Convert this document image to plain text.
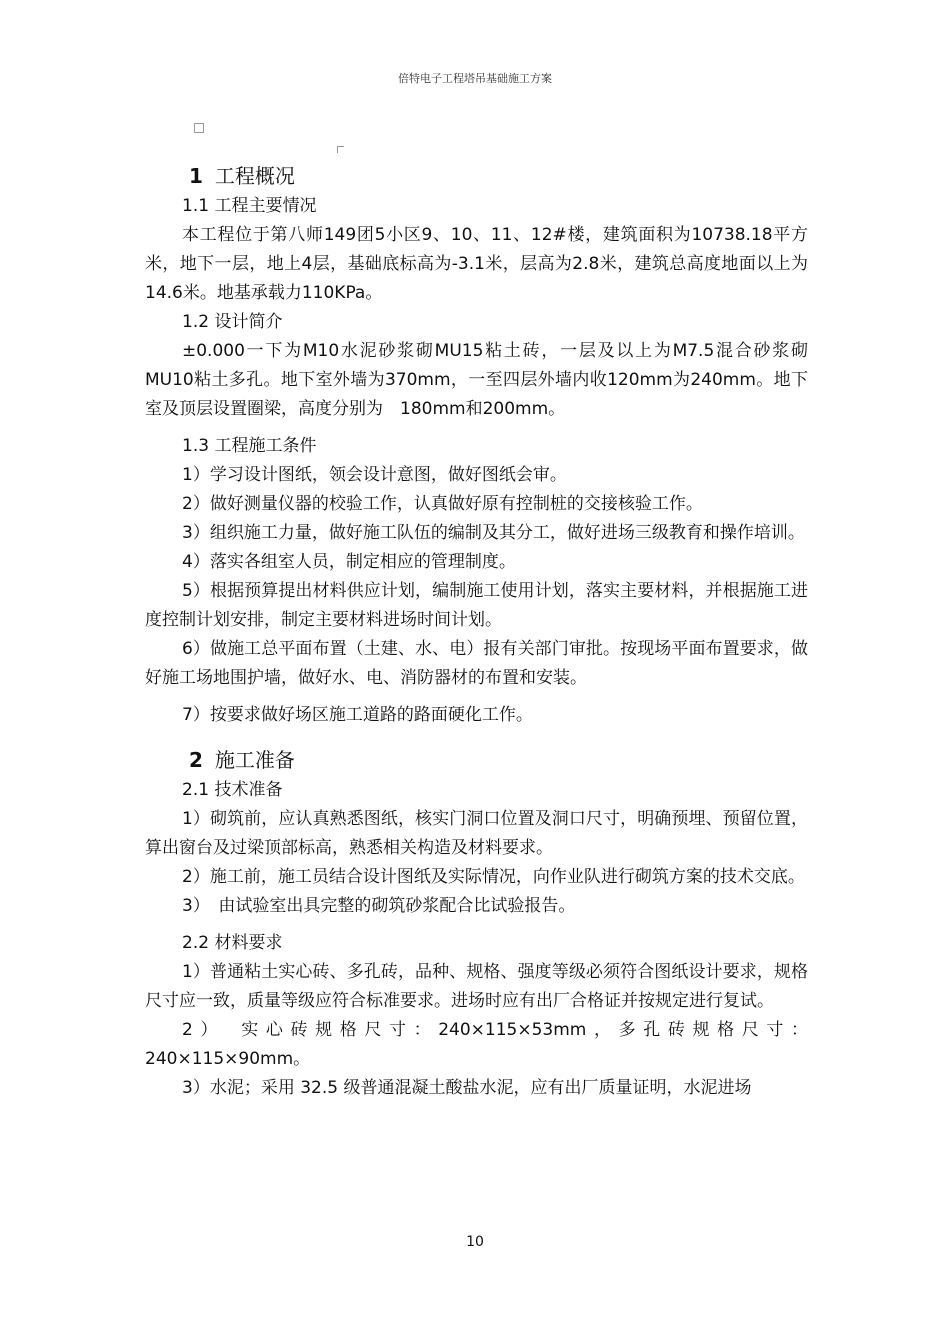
倍特电子工程塔吊基础施工方案

1 工程概况

1.1 工程主要情况

本工程位于第八师149团5小区9、10、11、12#楼，建筑面积为10738.18平方米，地下一层，地上4层，基础底标高为-3.1米，层高为2.8米，建筑总高度地面以上为14.6米。地基承载力110KPa。

1.2 设计简介

±0.000一下为M10水泥砂浆砌MU15粘土砖，一层及以上为M7.5混合砂浆砌MU10粘土多孔。地下室外墙为370mm，一至四层外墙内收120mm为240mm。地下室及顶层设置圈梁，高度分别为　180mm和200mm。

1.3 工程施工条件

1）学习设计图纸，领会设计意图，做好图纸会审。

2）做好测量仪器的校验工作，认真做好原有控制桩的交接核验工作。

3）组织施工力量，做好施工队伍的编制及其分工，做好进场三级教育和操作培训。

4）落实各组室人员，制定相应的管理制度。

5）根据预算提出材料供应计划，编制施工使用计划，落实主要材料，并根据施工进度控制计划安排，制定主要材料进场时间计划。

6）做施工总平面布置（土建、水、电）报有关部门审批。按现场平面布置要求，做好施工场地围护墙，做好水、电、消防器材的布置和安装。

7）按要求做好场区施工道路的路面硬化工作。

2 施工准备

2.1 技术准备

1）砌筑前，应认真熟悉图纸，核实门洞口位置及洞口尺寸，明确预埋、预留位置，算出窗台及过梁顶部标高，熟悉相关构造及材料要求。

2）施工前，施工员结合设计图纸及实际情况，向作业队进行砌筑方案的技术交底。

3）　由试验室出具完整的砌筑砂浆配合比试验报告。

2.2 材料要求

1）普通粘土实心砖、多孔砖，品种、规格、强度等级必须符合图纸设计要求，规格尺寸应一致，质量等级应符合标准要求。进场时应有出厂合格证并按规定进行复试。

2）　实心砖规格尺寸：240×115×53mm，多孔砖规格尺寸：240×115×90mm。

3）水泥；采用 32.5 级普通混凝土酸盐水泥，应有出厂质量证明，水泥进场

10
